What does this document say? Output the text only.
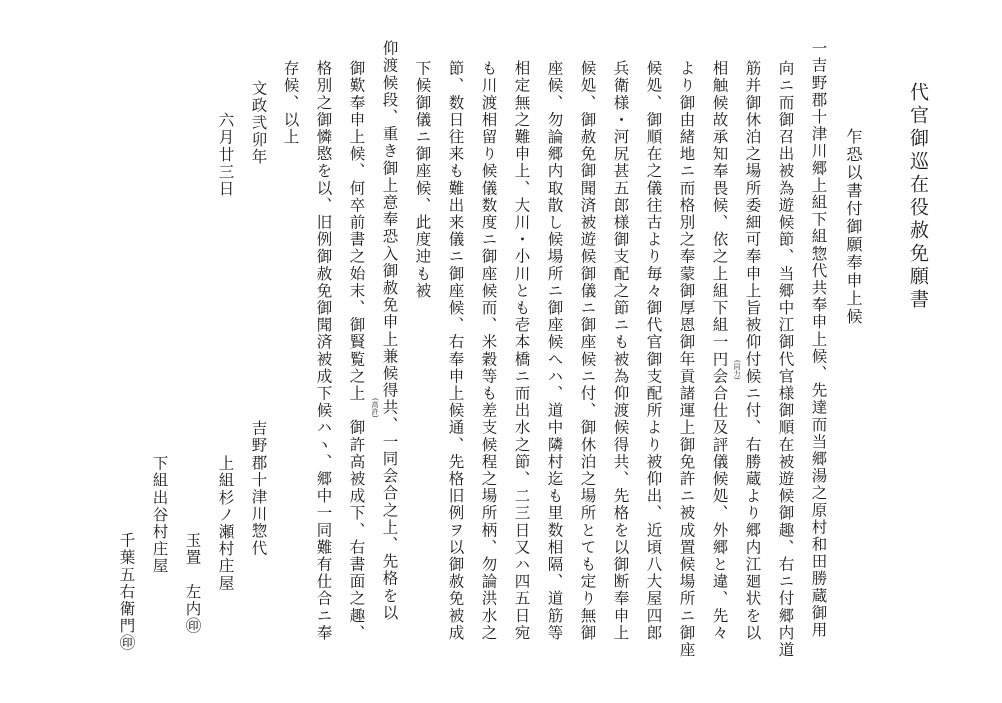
代官御巡在役赦免願書
乍恐以書付御願奉申上候
一吉野郡十津川郷上組下組惣代共奉申上候、先達而当郷湯之原村和田勝蔵御用
向ニ而御召出被為遊候節、当郷中江御代官様御順在被遊候御趣、右ニ付郷内道
筋并御休泊之場所委細可奉申上旨被仰付候ニ付、右勝蔵より郷内江廻状を以
相触候故承知奉畏候、依之上組下組一円会合仕及評儀候処、外郷と違、先々
より御由緒地ニ而格別之奉蒙御厚恩御年貢諸運上御免許ニ被成置候場所ニ御座
候処、御順在之儀往古より毎々御代官御支配所より被仰出、近頃八大屋四郎
兵衛様・河尻甚五郎様御支配之節ニも被為仰渡候得共、先格を以御断奉申上
候処、御赦免御聞済被遊候御儀ニ御座候ニ付、御休泊之場所とても定り無御
座候、勿論郷内取散し候場所ニ御座候へハ、道中隣村迄も里数相隔、道筋等
相定無之難申上、大川・小川とも壱本橋ニ而出水之節、二三日又ハ四五日宛
も川渡相留り候儀数度ニ御座候而、米穀等も差支候程之場所柄、勿論洪水之
節、数日往来も難出来儀ニ御座候、右奉申上候通、先格旧例ヲ以御赦免被成
下候御儀ニ御座候、此度迚も被
仰渡候段、重き御上意奉恐入御赦免申上兼候得共、一同会合之上、先格を以
御歎奉申上候、何卒前書之始末、御賢覧之上　御許高被成下、右書面之趣、
格別之御憐愍を以、旧例御赦免御聞済被成下候ハヽ、郷中一同難有仕合ニ奉
存候、以上
(同力)
(高許)
文政弐卯年
六月廿三日
吉野郡十津川惣代
上組杉ノ瀬村庄屋
玉置　左内㊞
下組出谷村庄屋
千葉五右衛門㊞
